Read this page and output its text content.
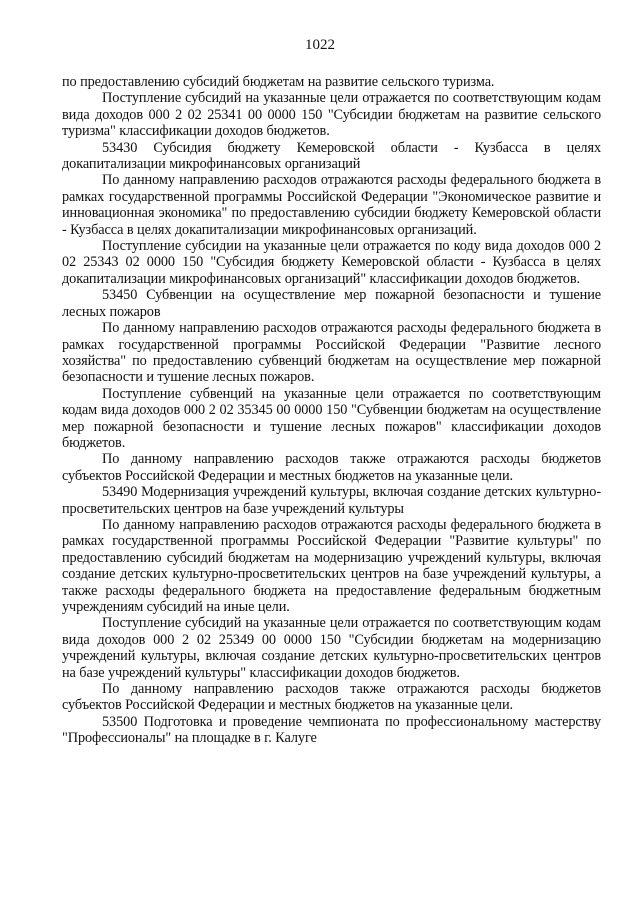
1022

по предоставлению субсидий бюджетам на развитие сельского туризма.

Поступление субсидий на указанные цели отражается по соответствующим кодам вида доходов 000 2 02 25341 00 0000 150 "Субсидии бюджетам на развитие сельского туризма" классификации доходов бюджетов.

53430 Субсидия бюджету Кемеровской области - Кузбасса в целях докапитализации микрофинансовых организаций

По данному направлению расходов отражаются расходы федерального бюджета в рамках государственной программы Российской Федерации "Экономическое развитие и инновационная экономика" по предоставлению субсидии бюджету Кемеровской области - Кузбасса в целях докапитализации микрофинансовых организаций.

Поступление субсидии на указанные цели отражается по коду вида доходов 000 2 02 25343 02 0000 150 "Субсидия бюджету Кемеровской области - Кузбасса в целях докапитализации микрофинансовых организаций" классификации доходов бюджетов.

53450 Субвенции на осуществление мер пожарной безопасности и тушение лесных пожаров

По данному направлению расходов отражаются расходы федерального бюджета в рамках государственной программы Российской Федерации "Развитие лесного хозяйства" по предоставлению субвенций бюджетам на осуществление мер пожарной безопасности и тушение лесных пожаров.

Поступление субвенций на указанные цели отражается по соответствующим кодам вида доходов 000 2 02 35345 00 0000 150 "Субвенции бюджетам на осуществление мер пожарной безопасности и тушение лесных пожаров" классификации доходов бюджетов.

По данному направлению расходов также отражаются расходы бюджетов субъектов Российской Федерации и местных бюджетов на указанные цели.

53490 Модернизация учреждений культуры, включая создание детских культурно-просветительских центров на базе учреждений культуры

По данному направлению расходов отражаются расходы федерального бюджета в рамках государственной программы Российской Федерации "Развитие культуры" по предоставлению субсидий бюджетам на модернизацию учреждений культуры, включая создание детских культурно-просветительских центров на базе учреждений культуры, а также расходы федерального бюджета на предоставление федеральным бюджетным учреждениям субсидий на иные цели.

Поступление субсидий на указанные цели отражается по соответствующим кодам вида доходов 000 2 02 25349 00 0000 150 "Субсидии бюджетам на модернизацию учреждений культуры, включая создание детских культурно-просветительских центров на базе учреждений культуры" классификации доходов бюджетов.

По данному направлению расходов также отражаются расходы бюджетов субъектов Российской Федерации и местных бюджетов на указанные цели.

53500 Подготовка и проведение чемпионата по профессиональному мастерству "Профессионалы" на площадке в г. Калуге
